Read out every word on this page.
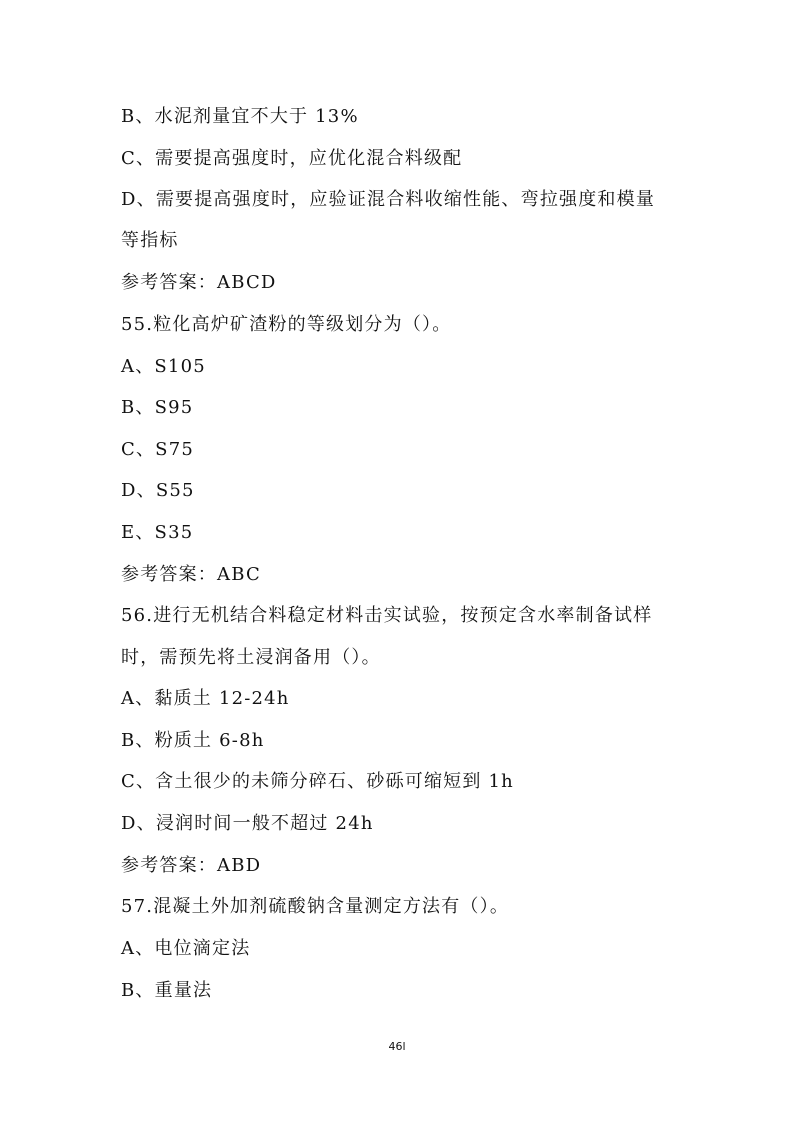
B、水泥剂量宜不大于 13%
C、需要提高强度时，应优化混合料级配
D、需要提高强度时，应验证混合料收缩性能、弯拉强度和模量
等指标
参考答案：ABCD
55.粒化高炉矿渣粉的等级划分为（）。
A、S105
B、S95
C、S75
D、S55
E、S35
参考答案：ABC
56.进行无机结合料稳定材料击实试验，按预定含水率制备试样
时，需预先将土浸润备用（）。
A、黏质土 12-24h
B、粉质土 6-8h
C、含土很少的未筛分碎石、砂砾可缩短到 1h
D、浸润时间一般不超过 24h
参考答案：ABD
57.混凝土外加剂硫酸钠含量测定方法有（）。
A、电位滴定法
B、重量法
46l
